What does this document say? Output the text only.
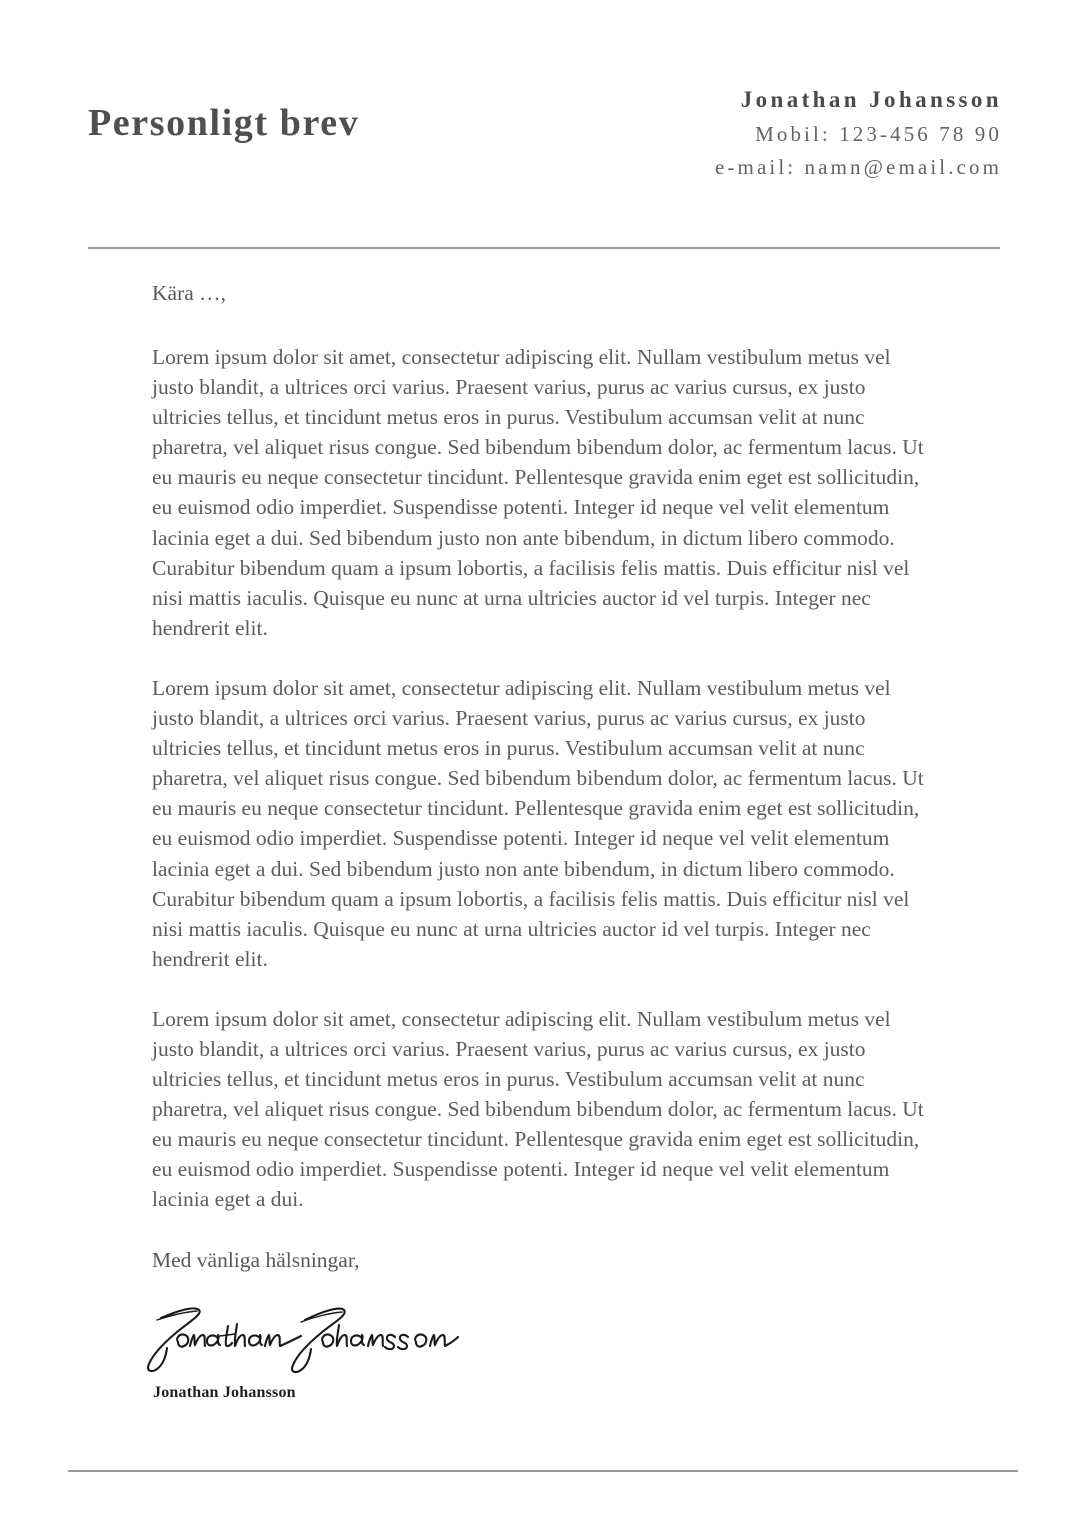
Personligt brev
Jonathan Johansson
Mobil: 123-456 78 90
e-mail: namn@email.com

Kära …,

Lorem ipsum dolor sit amet, consectetur adipiscing elit. Nullam vestibulum metus vel justo blandit, a ultrices orci varius. Praesent varius, purus ac varius cursus, ex justo ultricies tellus, et tincidunt metus eros in purus. Vestibulum accumsan velit at nunc pharetra, vel aliquet risus congue. Sed bibendum bibendum dolor, ac fermentum lacus. Ut eu mauris eu neque consectetur tincidunt. Pellentesque gravida enim eget est sollicitudin, eu euismod odio imperdiet. Suspendisse potenti. Integer id neque vel velit elementum lacinia eget a dui. Sed bibendum justo non ante bibendum, in dictum libero commodo. Curabitur bibendum quam a ipsum lobortis, a facilisis felis mattis. Duis efficitur nisl vel nisi mattis iaculis. Quisque eu nunc at urna ultricies auctor id vel turpis. Integer nec hendrerit elit.

Lorem ipsum dolor sit amet, consectetur adipiscing elit. Nullam vestibulum metus vel justo blandit, a ultrices orci varius. Praesent varius, purus ac varius cursus, ex justo ultricies tellus, et tincidunt metus eros in purus. Vestibulum accumsan velit at nunc pharetra, vel aliquet risus congue. Sed bibendum bibendum dolor, ac fermentum lacus. Ut eu mauris eu neque consectetur tincidunt. Pellentesque gravida enim eget est sollicitudin, eu euismod odio imperdiet. Suspendisse potenti. Integer id neque vel velit elementum lacinia eget a dui. Sed bibendum justo non ante bibendum, in dictum libero commodo. Curabitur bibendum quam a ipsum lobortis, a facilisis felis mattis. Duis efficitur nisl vel nisi mattis iaculis. Quisque eu nunc at urna ultricies auctor id vel turpis. Integer nec hendrerit elit.

Lorem ipsum dolor sit amet, consectetur adipiscing elit. Nullam vestibulum metus vel justo blandit, a ultrices orci varius. Praesent varius, purus ac varius cursus, ex justo ultricies tellus, et tincidunt metus eros in purus. Vestibulum accumsan velit at nunc pharetra, vel aliquet risus congue. Sed bibendum bibendum dolor, ac fermentum lacus. Ut eu mauris eu neque consectetur tincidunt. Pellentesque gravida enim eget est sollicitudin, eu euismod odio imperdiet. Suspendisse potenti. Integer id neque vel velit elementum lacinia eget a dui.

Med vänliga hälsningar,

Jonathan Johansson
